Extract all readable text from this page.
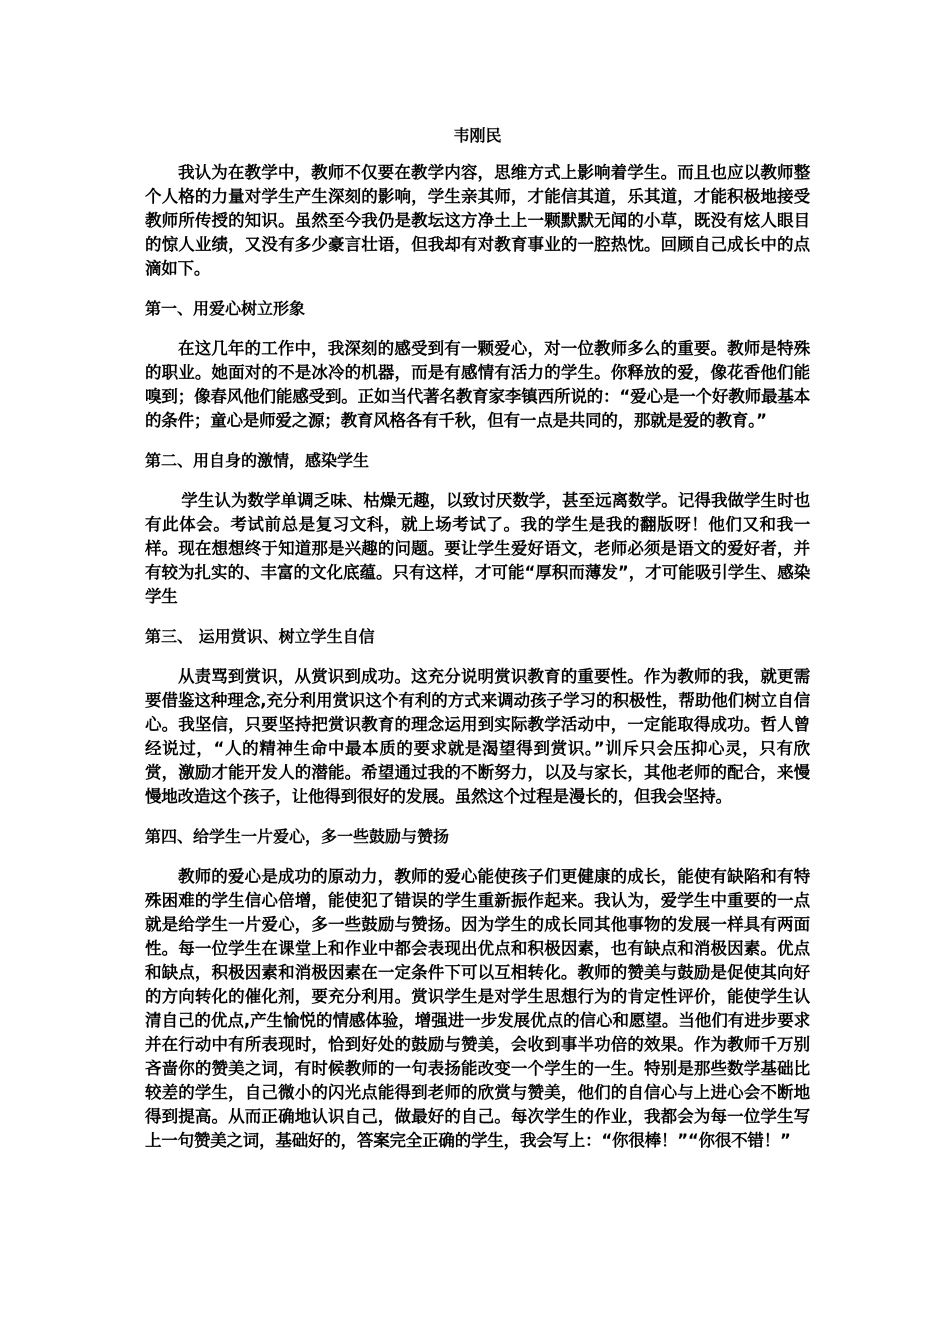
韦刚民

我认为在教学中，教师不仅要在教学内容，思维方式上影响着学生。而且也应以教师整个人格的力量对学生产生深刻的影响，学生亲其师，才能信其道，乐其道，才能积极地接受教师所传授的知识。虽然至今我仍是教坛这方净土上一颗默默无闻的小草，既没有炫人眼目的惊人业绩，又没有多少豪言壮语，但我却有对教育事业的一腔热忱。回顾自己成长中的点滴如下。

第一、用爱心树立形象

在这几年的工作中，我深刻的感受到有一颗爱心，对一位教师多么的重要。教师是特殊的职业。她面对的不是冰冷的机器，而是有感情有活力的学生。你释放的爱，像花香他们能嗅到；像春风他们能感受到。正如当代著名教育家李镇西所说的：“爱心是一个好教师最基本的条件；童心是师爱之源；教育风格各有千秋，但有一点是共同的，那就是爱的教育。”

第二、用自身的激情，感染学生

学生认为数学单调乏味、枯燥无趣，以致讨厌数学，甚至远离数学。记得我做学生时也有此体会。考试前总是复习文科，就上场考试了。我的学生是我的翻版呀！他们又和我一样。现在想想终于知道那是兴趣的问题。要让学生爱好语文，老师必须是语文的爱好者，并有较为扎实的、丰富的文化底蕴。只有这样，才可能“厚积而薄发”，才可能吸引学生、感染学生

第三、 运用赏识、树立学生自信

从责骂到赏识，从赏识到成功。这充分说明赏识教育的重要性。作为教师的我，就更需要借鉴这种理念,充分利用赏识这个有利的方式来调动孩子学习的积极性，帮助他们树立自信心。我坚信，只要坚持把赏识教育的理念运用到实际教学活动中，一定能取得成功。哲人曾经说过，“人的精神生命中最本质的要求就是渴望得到赏识。”训斥只会压抑心灵，只有欣赏，激励才能开发人的潜能。希望通过我的不断努力，以及与家长，其他老师的配合，来慢慢地改造这个孩子，让他得到很好的发展。虽然这个过程是漫长的，但我会坚持。

第四、给学生一片爱心，多一些鼓励与赞扬

教师的爱心是成功的原动力，教师的爱心能使孩子们更健康的成长，能使有缺陷和有特殊困难的学生信心倍增，能使犯了错误的学生重新振作起来。我认为，爱学生中重要的一点就是给学生一片爱心，多一些鼓励与赞扬。因为学生的成长同其他事物的发展一样具有两面性。每一位学生在课堂上和作业中都会表现出优点和积极因素，也有缺点和消极因素。优点和缺点，积极因素和消极因素在一定条件下可以互相转化。教师的赞美与鼓励是促使其向好的方向转化的催化剂，要充分利用。赏识学生是对学生思想行为的肯定性评价，能使学生认清自己的优点,产生愉悦的情感体验，增强进一步发展优点的信心和愿望。当他们有进步要求并在行动中有所表现时，恰到好处的鼓励与赞美，会收到事半功倍的效果。作为教师千万别吝啬你的赞美之词，有时候教师的一句表扬能改变一个学生的一生。特别是那些数学基础比较差的学生，自己微小的闪光点能得到老师的欣赏与赞美，他们的自信心与上进心会不断地得到提高。从而正确地认识自己，做最好的自己。每次学生的作业，我都会为每一位学生写上一句赞美之词，基础好的，答案完全正确的学生，我会写上：“你很棒！”“你很不错！”
